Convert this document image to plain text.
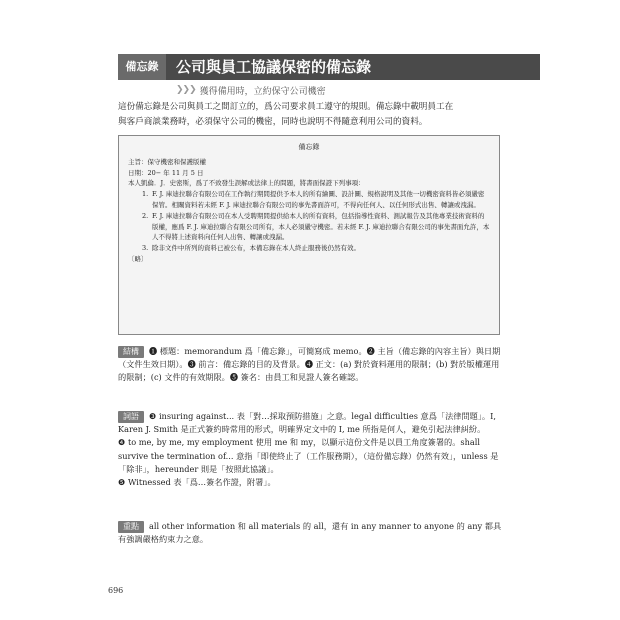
備忘錄	公司與員工協議保密的備忘錄
❯❯❯ 獲得備用時，立約保守公司機密
這份備忘錄是公司與員工之間訂立的，爲公司要求員工遵守的規則。備忘錄中載明員工在
與客戶商談業務時，必須保守公司的機密，同時也說明不得隨意利用公司的資料。
備忘錄
主旨：保守機密和保護版權
日期：20− 年 11 月 5 日
本人凱倫．J．史密斯，爲了不致發生誤解或法律上的問題，將書面保證下列事項：
1. F. J. 庫迪拉聯合有限公司在工作執行期間提供予本人的所有繪圖、設計圖、規格說明及其他一切機密資料皆必須嚴密保管。相關資料若未經 F. J. 庫迪拉聯合有限公司的事先書面許可，不得向任何人、以任何形式出售、轉讓或洩漏。
2. F. J. 庫迪拉聯合有限公司在本人受聘期間提供給本人的所有資料，包括指導性資料、測試報告及其他專業技術資料的版權，應爲 F. J. 庫迪拉聯合有限公司所有，本人必須嚴守機密。若未經 F. J. 庫迪拉聯合有限公司的事先書面允許，本人不得將上述資料向任何人出售、轉讓或洩漏。
3. 除非文件中所列的資料已被公布，本備忘錄在本人終止服務後仍然有效。
〔略〕
結構 ❶ 標題：memorandum 爲「備忘錄」，可簡寫成 memo。❷ 主旨（備忘錄的內容主旨）與日期（文件生效日期）。❸ 前言：備忘錄的目的及背景。❹ 正文：(a) 對於資料運用的限制；(b) 對於版權運用的限制；(c) 文件的有效期限。❺ 簽名：由員工和見證人簽名確認。
詞語 ❸ insuring against... 表「對…採取預防措施」之意。legal difficulties 意爲「法律問題」。I, Karen J. Smith 是正式簽約時常用的形式，明確界定文中的 I, me 所指是何人，避免引起法律糾紛。
❹ to me, by me, my employment 使用 me 和 my，以顯示這份文件是以員工角度簽署的。shall survive the termination of... 意指「即使終止了（工作服務期），（這份備忘錄）仍然有效」，unless 是「除非」，hereunder 則是「按照此協議」。
❺ Witnessed 表「爲…簽名作證，附署」。
重點 all other information 和 all materials 的 all，還有 in any manner to anyone 的 any 都具有強調嚴格約束力之意。
696
